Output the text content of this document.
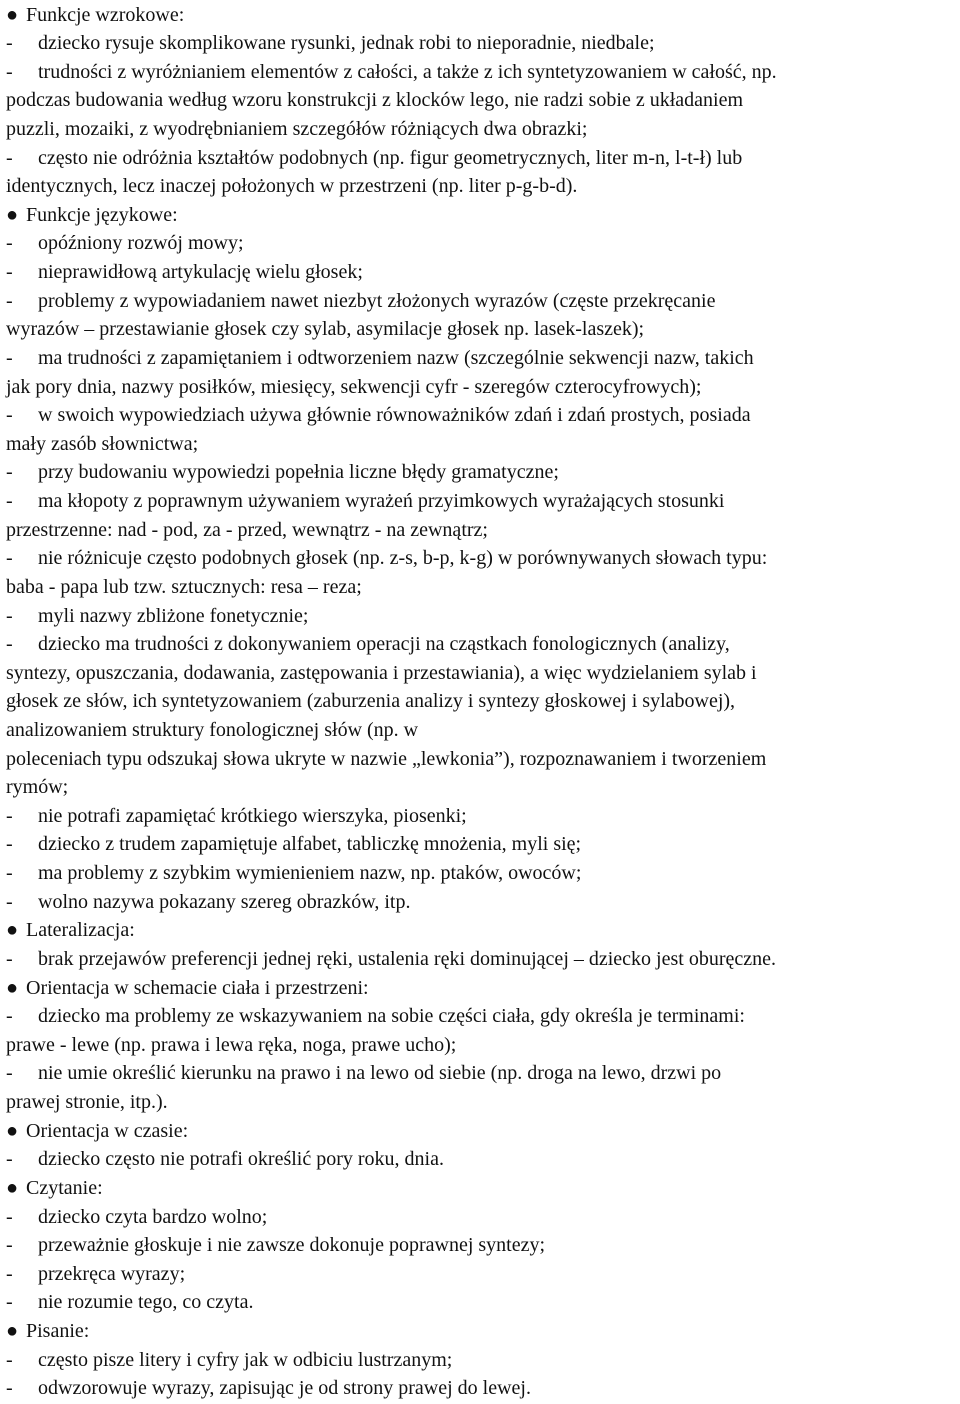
● Funkcje wzrokowe:
- dziecko rysuje skomplikowane rysunki, jednak robi to nieporadnie, niedbale;
- trudności z wyróżnianiem elementów z całości, a także z ich syntetyzowaniem w całość, np.
podczas budowania według wzoru konstrukcji z klocków lego, nie radzi sobie z układaniem
puzzli, mozaiki, z wyodrębnianiem szczegółów różniących dwa obrazki;
- często nie odróżnia kształtów podobnych (np. figur geometrycznych, liter m-n, l-t-ł) lub
identycznych, lecz inaczej położonych w przestrzeni (np. liter p-g-b-d).
● Funkcje językowe:
- opóźniony rozwój mowy;
- nieprawidłową artykulację wielu głosek;
- problemy z wypowiadaniem nawet niezbyt złożonych wyrazów (częste przekręcanie
wyrazów – przestawianie głosek czy sylab, asymilacje głosek np. lasek-laszek);
- ma trudności z zapamiętaniem i odtworzeniem nazw (szczególnie sekwencji nazw, takich
jak pory dnia, nazwy posiłków, miesięcy, sekwencji cyfr - szeregów czterocyfrowych);
- w swoich wypowiedziach używa głównie równoważników zdań i zdań prostych, posiada
mały zasób słownictwa;
- przy budowaniu wypowiedzi popełnia liczne błędy gramatyczne;
- ma kłopoty z poprawnym używaniem wyrażeń przyimkowych wyrażających stosunki
przestrzenne: nad - pod, za - przed, wewnątrz - na zewnątrz;
- nie różnicuje często podobnych głosek (np. z-s, b-p, k-g) w porównywanych słowach typu:
baba - papa lub tzw. sztucznych: resa – reza;
- myli nazwy zbliżone fonetycznie;
- dziecko ma trudności z dokonywaniem operacji na cząstkach fonologicznych (analizy,
syntezy, opuszczania, dodawania, zastępowania i przestawiania), a więc wydzielaniem sylab i
głosek ze słów, ich syntetyzowaniem (zaburzenia analizy i syntezy głoskowej i sylabowej),
analizowaniem struktury fonologicznej słów (np. w
poleceniach typu odszukaj słowa ukryte w nazwie „lewkonia”), rozpoznawaniem i tworzeniem
rymów;
- nie potrafi zapamiętać krótkiego wierszyka, piosenki;
- dziecko z trudem zapamiętuje alfabet, tabliczkę mnożenia, myli się;
- ma problemy z szybkim wymienieniem nazw, np. ptaków, owoców;
- wolno nazywa pokazany szereg obrazków, itp.
● Lateralizacja:
- brak przejawów preferencji jednej ręki, ustalenia ręki dominującej – dziecko jest oburęczne.
● Orientacja w schemacie ciała i przestrzeni:
- dziecko ma problemy ze wskazywaniem na sobie części ciała, gdy określa je terminami:
prawe - lewe (np. prawa i lewa ręka, noga, prawe ucho);
- nie umie określić kierunku na prawo i na lewo od siebie (np. droga na lewo, drzwi po
prawej stronie, itp.).
● Orientacja w czasie:
- dziecko często nie potrafi określić pory roku, dnia.
● Czytanie:
- dziecko czyta bardzo wolno;
- przeważnie głoskuje i nie zawsze dokonuje poprawnej syntezy;
- przekręca wyrazy;
- nie rozumie tego, co czyta.
● Pisanie:
- często pisze litery i cyfry jak w odbiciu lustrzanym;
- odwzorowuje wyrazy, zapisując je od strony prawej do lewej.
